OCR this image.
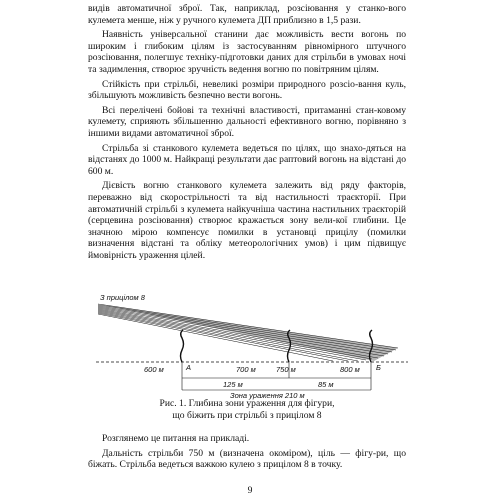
видів автоматичної зброї. Так, наприклад, розсіювання у станко-вого кулемета менше, ніж у ручного кулемета ДП приблизно в 1,5 рази.

Наявність універсальної станини дає можливість вести вогонь по широким і глибоким цілям із застосуванням рівномірного штучного розсіювання, полегшує техніку-підготовки даних для стрільби в умовах ночі та задимлення, створює зручність ведення вогню по повітряним цілям.

Стійкість при стрільбі, невеликі розміри природного розсіо-вання куль, збільшують можливість безпечно вести вогонь.

Всі перелічені бойові та технічні властивості, притаманні стан-ковому кулемету, сприяють збільшенню дальності ефективного вогню, порівняно з іншими видами автоматичної зброї.

Стрільба зі станкового кулемета ведеться по цілях, що знахо-дяться на відстанях до 1000 м. Найкращі результати дає раптовий вогонь на відстані до 600 м.

Дієвість вогню станкового кулемета залежить від ряду факторів, переважно від скорострільності та від настильності траєкторії. При автоматичній стрільбі з кулемета найкучніша частина настильних траєкторій (серцевина розсіювання) створює кражається зону вели-кої глибини. Це значною мірою компенсує помилки в установці прицілу (помилки визначення відстані та обліку метеорологічних умов) і цим підвищує ймовірність ураження цілей.

З прицілом 8
600 м	А	700 м	750 м	800 м Б
125 м	85 м
Зона ураження 210 м
Рис. 1. Глибина зони ураження для фігури,
що біжить при стрільбі з прицілом 8

Розглянемо це питання на прикладі.

Дальність стрільби 750 м (визначена окоміром), ціль — фігу-ри, що біжать. Стрільба ведеться важкою кулею з прицілом 8 в точку.

9
